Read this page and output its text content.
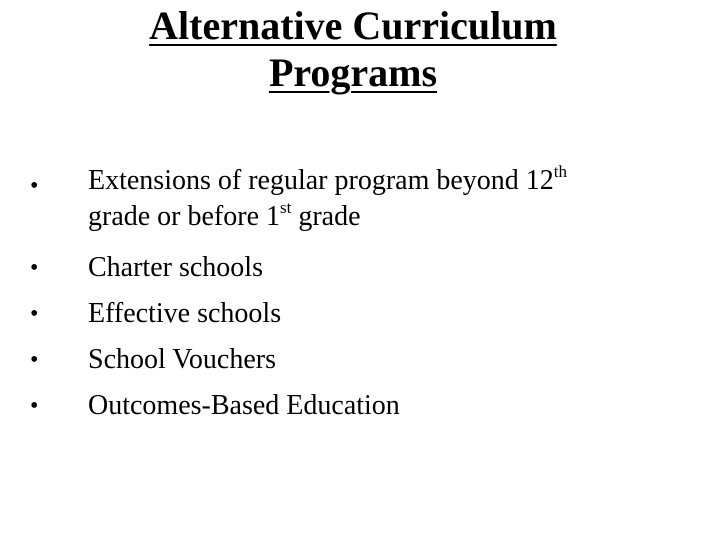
Alternative Curriculum
Programs
• Extensions of regular program beyond 12th
grade or before 1st grade
• Charter schools
• Effective schools
• School Vouchers
• Outcomes-Based Education
